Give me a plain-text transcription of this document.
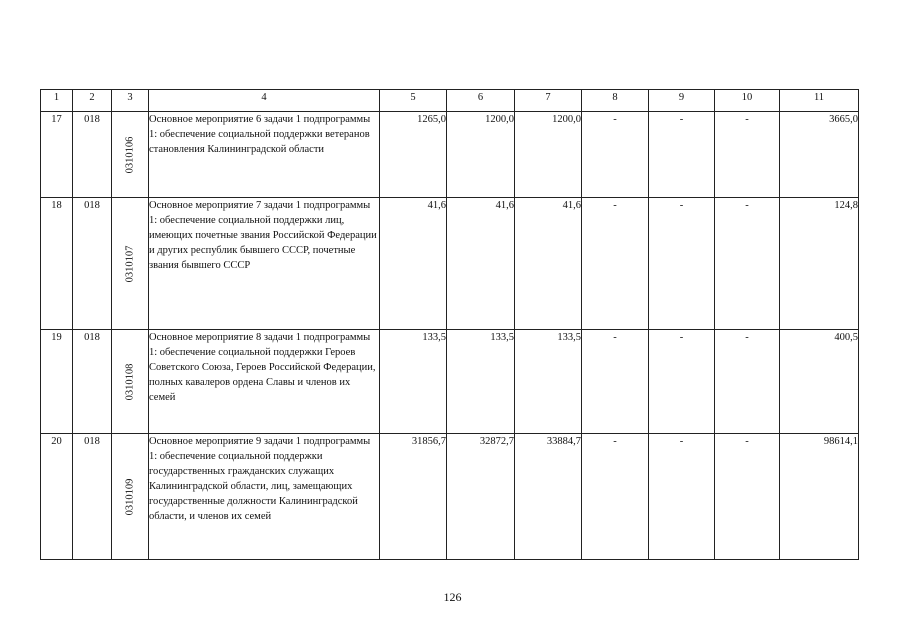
1	2	3	4	5	6	7	8	9	10	11
17	018	0310106	Основное мероприятие 6 задачи 1 подпрограммы 1: обеспечение социальной поддержки ветеранов становления Калининградской области	1265,0	1200,0	1200,0	-	-	-	3665,0
18	018	0310107	Основное мероприятие 7 задачи 1 подпрограммы 1: обеспечение социальной поддержки лиц, имеющих почетные звания Российской Федерации и других республик бывшего СССР, почетные звания бывшего СССР	41,6	41,6	41,6	-	-	-	124,8
19	018	0310108	Основное мероприятие 8 задачи 1 подпрограммы 1: обеспечение социальной поддержки Героев Советского Союза, Героев Российской Федерации, полных кавалеров ордена Славы и членов их семей	133,5	133,5	133,5	-	-	-	400,5
20	018	0310109	Основное мероприятие 9 задачи 1 подпрограммы 1: обеспечение социальной поддержки государственных гражданских служащих Калининградской области, лиц, замещающих государственные должности Калининградской области, и членов их семей	31856,7	32872,7	33884,7	-	-	-	98614,1
126
